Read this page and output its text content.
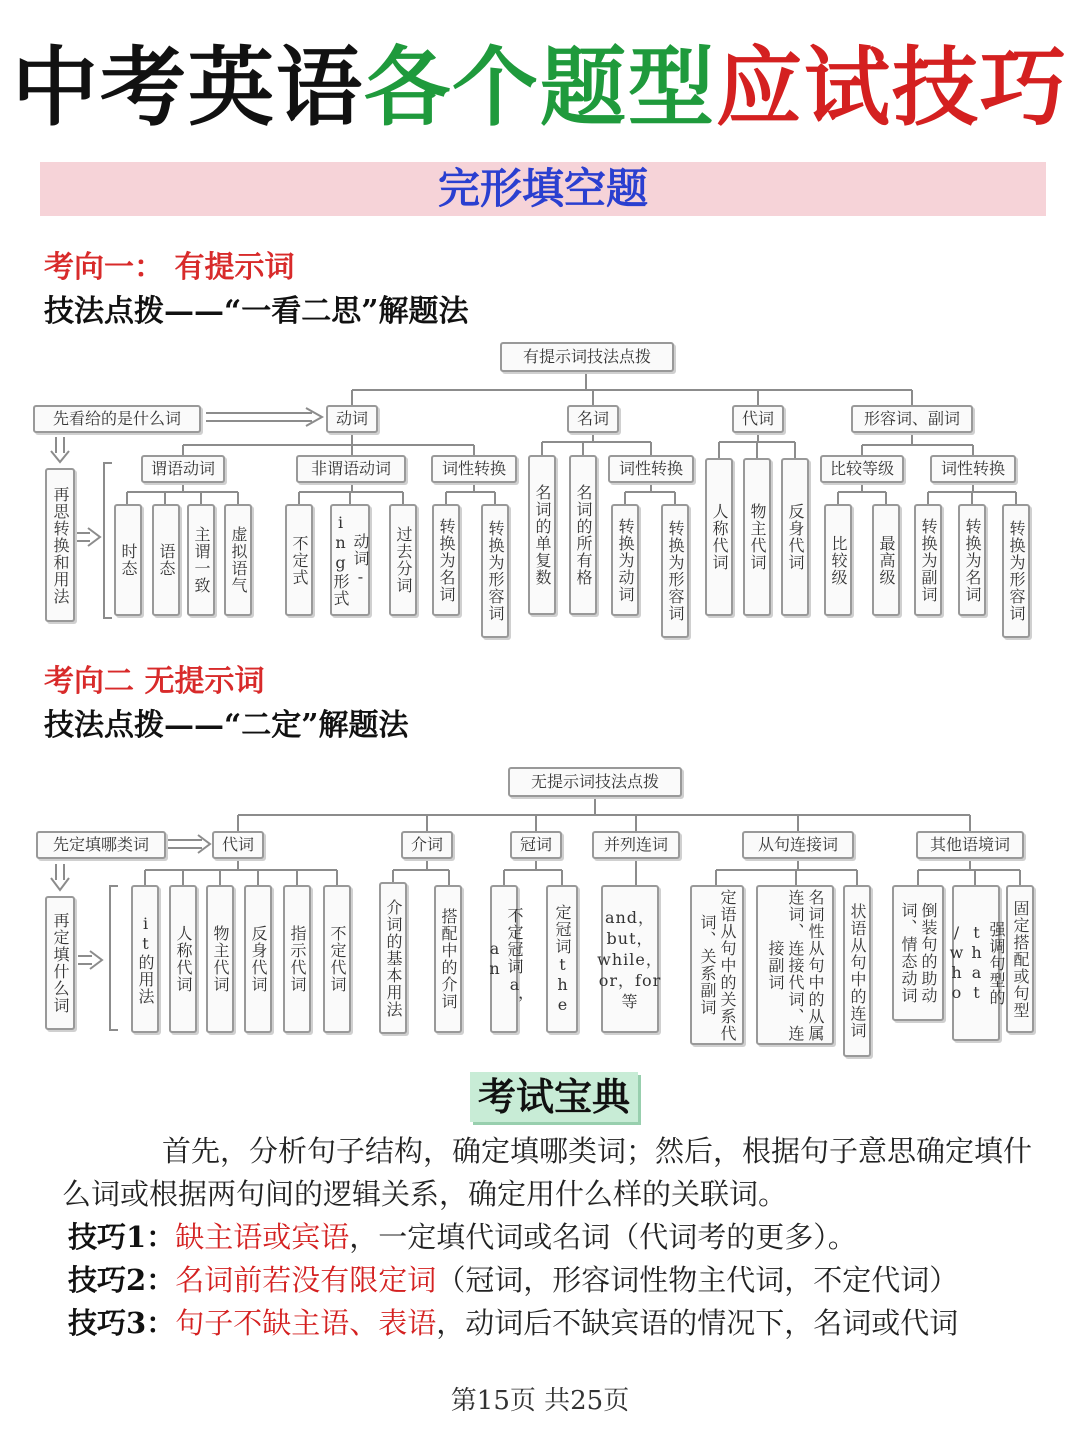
中考英语各个题型应试技巧
完形填空题
考向一： 有提示词
技法点拨——“一看二思”解题法
有提示词技法点拨
先看给的是什么词
再思转换和用法
动词	名词	代词	形容词、副词
谓语动词	非谓语动词	词性转换	词性转换	比较等级	词性转换
时态 语态 主谓一致 虚拟语气	不定式	动词-ing形式	过去分词 转换为名词 转换为形容词 名词的单复数 名词的所有格 转换为动词 转换为形容词 人称代词 物主代词 反身代词 比较级 最高级 转换为副词 转换为名词 转换为形容词
考向二 无提示词
技法点拨——“二定”解题法
无提示词技法点拨
先定填哪类词
再定填什么词
代词	介词	冠词	并列连词	从句连接词	其他语境词
it的用法 人称代词 物主代词 反身代词 指示代词 不定代词 介词的基本用法 搭配中的介词	不定冠词a，an	定冠词the	and，but，while，or，for等	定语从句中的关系代词、关系副词	名词性从句中的从属连词、连接代词、连接副词	状语从句中的连词	倒装句的助动词、情态动词	强调句型的that /who	固定搭配或句型
考试宝典
首先，分析句子结构，确定填哪类词；然后，根据句子意思确定填什么词或根据两句间的逻辑关系，确定用什么样的关联词。
技巧1：缺主语或宾语，一定填代词或名词（代词考的更多）。
技巧2：名词前若没有限定词（冠词，形容词性物主代词，不定代词）
技巧3：句子不缺主语、表语，动词后不缺宾语的情况下，名词或代词
第15页 共25页
